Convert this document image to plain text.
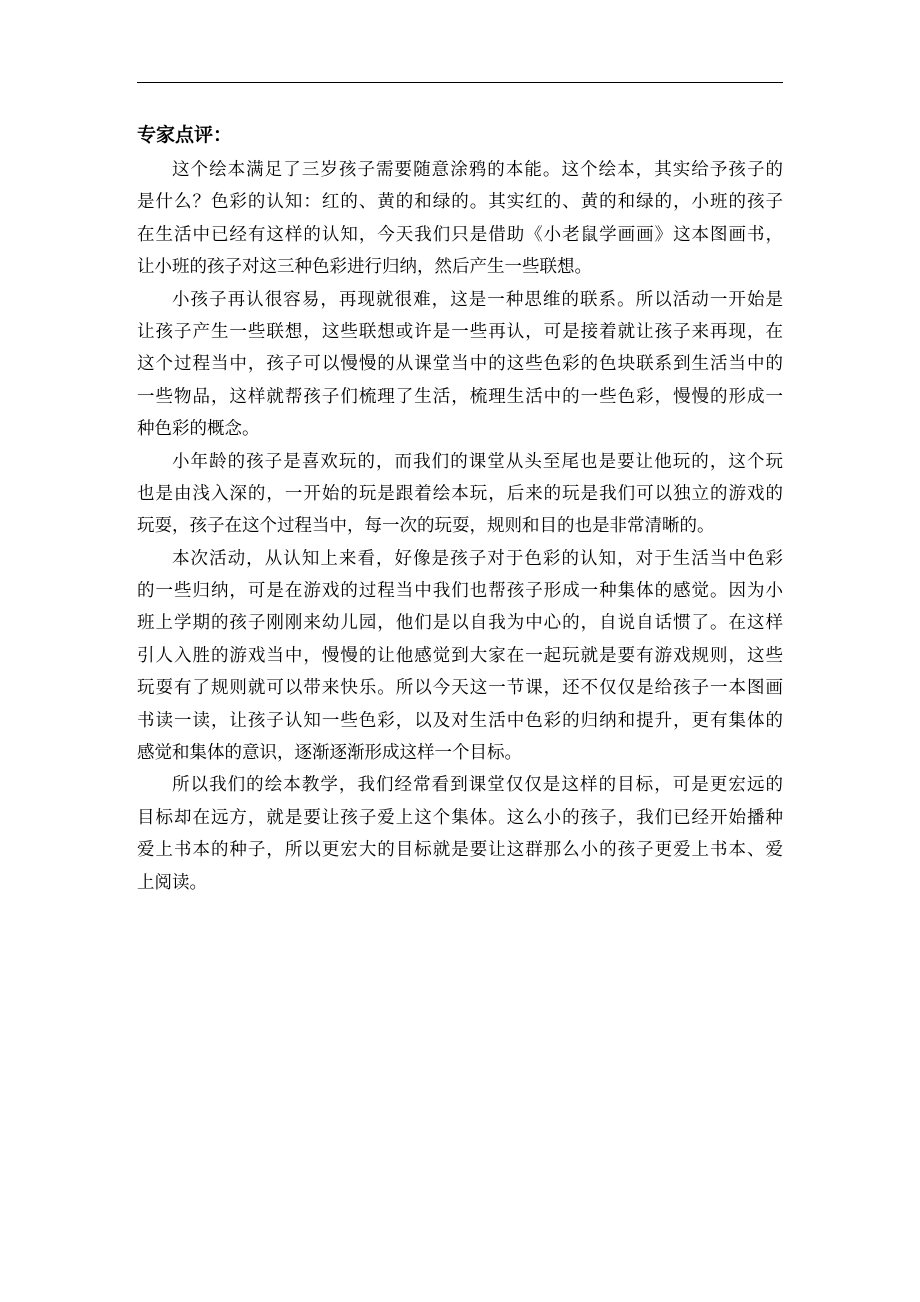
专家点评：

这个绘本满足了三岁孩子需要随意涂鸦的本能。这个绘本，其实给予孩子的
是什么？色彩的认知：红的、黄的和绿的。其实红的、黄的和绿的，小班的孩子
在生活中已经有这样的认知，今天我们只是借助《小老鼠学画画》这本图画书，
让小班的孩子对这三种色彩进行归纳，然后产生一些联想。

小孩子再认很容易，再现就很难，这是一种思维的联系。所以活动一开始是
让孩子产生一些联想，这些联想或许是一些再认，可是接着就让孩子来再现，在
这个过程当中，孩子可以慢慢的从课堂当中的这些色彩的色块联系到生活当中的
一些物品，这样就帮孩子们梳理了生活，梳理生活中的一些色彩，慢慢的形成一
种色彩的概念。

小年龄的孩子是喜欢玩的，而我们的课堂从头至尾也是要让他玩的，这个玩
也是由浅入深的，一开始的玩是跟着绘本玩，后来的玩是我们可以独立的游戏的
玩耍，孩子在这个过程当中，每一次的玩耍，规则和目的也是非常清晰的。

本次活动，从认知上来看，好像是孩子对于色彩的认知，对于生活当中色彩
的一些归纳，可是在游戏的过程当中我们也帮孩子形成一种集体的感觉。因为小
班上学期的孩子刚刚来幼儿园，他们是以自我为中心的，自说自话惯了。在这样
引人入胜的游戏当中，慢慢的让他感觉到大家在一起玩就是要有游戏规则，这些
玩耍有了规则就可以带来快乐。所以今天这一节课，还不仅仅是给孩子一本图画
书读一读，让孩子认知一些色彩，以及对生活中色彩的归纳和提升，更有集体的
感觉和集体的意识，逐渐逐渐形成这样一个目标。

所以我们的绘本教学，我们经常看到课堂仅仅是这样的目标，可是更宏远的
目标却在远方，就是要让孩子爱上这个集体。这么小的孩子，我们已经开始播种
爱上书本的种子，所以更宏大的目标就是要让这群那么小的孩子更爱上书本、爱
上阅读。
